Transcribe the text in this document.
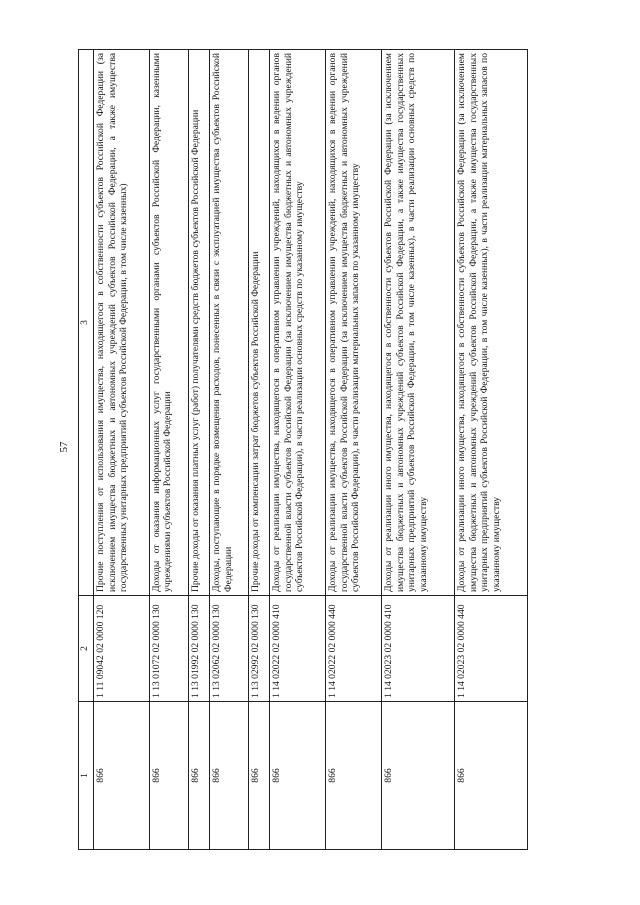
57
1	2	3
866	1 11 09042 02 0000 120	Прочие поступления от использования имущества, находящегося в собственности субъектов Российской Федерации (за исключением имущества бюджетных и автономных учреждений субъектов Российской Федерации, а также имущества государственных унитарных предприятий субъектов Российской Федерации, в том числе казенных)
866	1 13 01072 02 0000 130	Доходы от оказания информационных услуг государственными органами субъектов Российской Федерации, казенными учреждениями субъектов Российской Федерации
866	1 13 01992 02 0000 130	Прочие доходы от оказания платных услуг (работ) получателями средств бюджетов субъектов Российской Федерации
866	1 13 02062 02 0000 130	Доходы, поступающие в порядке возмещения расходов, понесенных в связи с эксплуатацией имущества субъектов Российской Федерации
866	1 13 02992 02 0000 130	Прочие доходы от компенсации затрат бюджетов субъектов Российской Федерации
866	1 14 02022 02 0000 410	Доходы от реализации имущества, находящегося в оперативном управлении учреждений, находящихся в ведении органов государственной власти субъектов Российской Федерации (за исключением имущества бюджетных и автономных учреждений субъектов Российской Федерации), в части реализации основных средств по указанному имуществу
866	1 14 02022 02 0000 440	Доходы от реализации имущества, находящегося в оперативном управлении учреждений, находящихся в ведении органов государственной власти субъектов Российской Федерации (за исключением имущества бюджетных и автономных учреждений субъектов Российской Федерации), в части реализации материальных запасов по указанному имуществу
866	1 14 02023 02 0000 410	Доходы от реализации иного имущества, находящегося в собственности субъектов Российской Федерации (за исключением имущества бюджетных и автономных учреждений субъектов Российской Федерации, а также имущества государственных унитарных предприятий субъектов Российской Федерации, в том числе казенных), в части реализации основных средств по указанному имуществу
866	1 14 02023 02 0000 440	Доходы от реализации иного имущества, находящегося в собственности субъектов Российской Федерации (за исключением имущества бюджетных и автономных учреждений субъектов Российской Федерации, а также имущества государственных унитарных предприятий субъектов Российской Федерации, в том числе казенных), в части реализации материальных запасов по указанному имуществу
